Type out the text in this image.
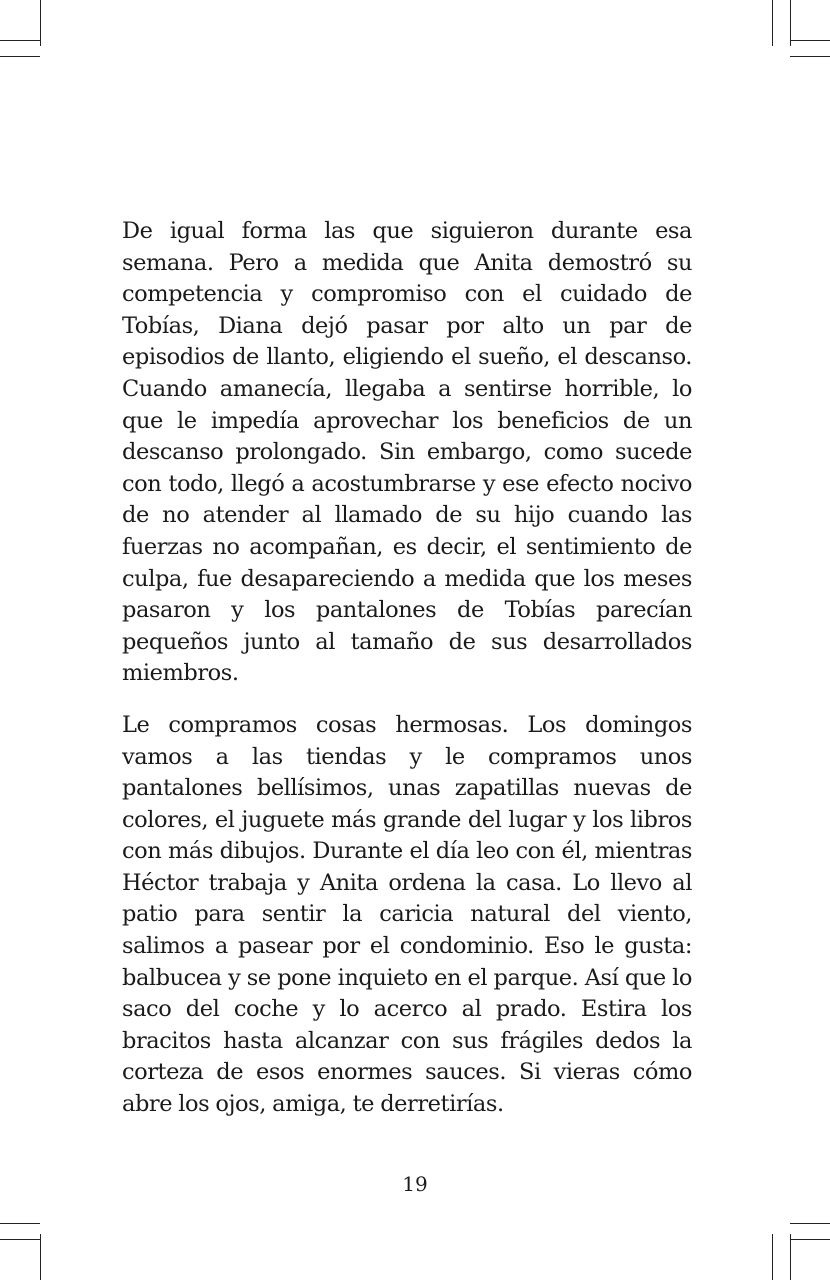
De igual forma las que siguieron durante esa semana. Pero a medida que Anita demostró su competencia y compromiso con el cuidado de Tobías, Diana dejó pasar por alto un par de episodios de llanto, eligiendo el sueño, el descanso. Cuando amanecía, llegaba a sentirse horrible, lo que le impedía aprovechar los beneficios de un descanso prolongado. Sin embargo, como sucede con todo, llegó a acostumbrarse y ese efecto nocivo de no atender al llamado de su hijo cuando las fuerzas no acompañan, es decir, el sentimiento de culpa, fue desapareciendo a medida que los meses pasaron y los pantalones de Tobías parecían pequeños junto al tamaño de sus desarrollados miembros.

Le compramos cosas hermosas. Los domingos vamos a las tiendas y le compramos unos pantalones bellísimos, unas zapatillas nuevas de colores, el juguete más grande del lugar y los libros con más dibujos. Durante el día leo con él, mientras Héctor trabaja y Anita ordena la casa. Lo llevo al patio para sentir la caricia natural del viento, salimos a pasear por el condominio. Eso le gusta: balbucea y se pone inquieto en el parque. Así que lo saco del coche y lo acerco al prado. Estira los bracitos hasta alcanzar con sus frágiles dedos la corteza de esos enormes sauces. Si vieras cómo abre los ojos, amiga, te derretirías.

19
